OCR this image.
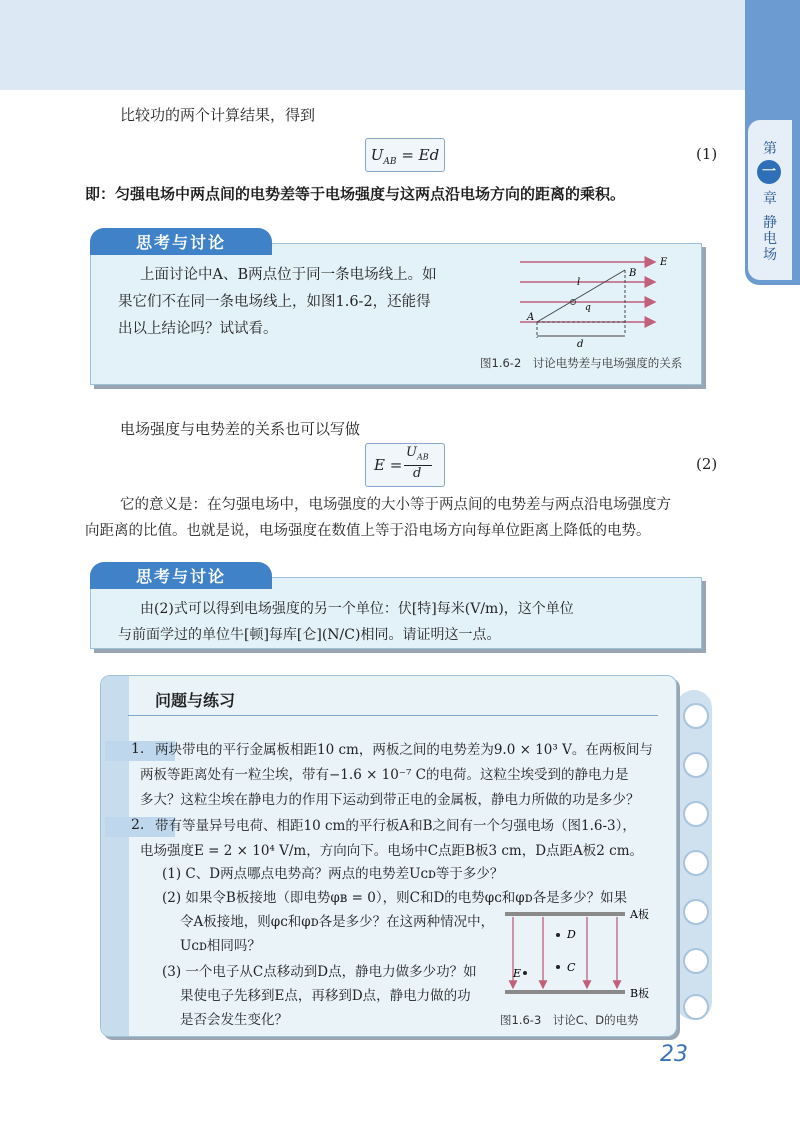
第
一
章
静电场
比较功的两个计算结果，得到
$U_{AB} = Ed$	(1)
即：匀强电场中两点间的电势差等于电场强度与这两点沿电场方向的距离的乘积。
思考与讨论
上面讨论中A、B两点位于同一条电场线上。如
果它们不在同一条电场线上，如图1.6-2，还能得
出以上结论吗？试试看。
E
A
B
l
d
q
图1.6-2　讨论电势差与电场强度的关系
电场强度与电势差的关系也可以写做
E =
$U_{AB}$
d
(2)
它的意义是：在匀强电场中，电场强度的大小等于两点间的电势差与两点沿电场强度方
向距离的比值。也就是说，电场强度在数值上等于沿电场方向每单位距离上降低的电势。
思考与讨论
由(2)式可以得到电场强度的另一个单位：伏[特]每米(V/m)，这个单位
与前面学过的单位牛[顿]每库[仑](N/C)相同。请证明这一点。
问题与练习
1. 两块带电的平行金属板相距10 cm，两板之间的电势差为9.0 × 10³ V。在两板间与
两板等距离处有一粒尘埃，带有−1.6 × 10⁻⁷ C的电荷。这粒尘埃受到的静电力是
多大？这粒尘埃在静电力的作用下运动到带正电的金属板，静电力所做的功是多少？
2. 带有等量异号电荷、相距10 cm的平行板A和B之间有一个匀强电场（图1.6-3），
电场强度E = 2 × 10⁴ V/m，方向向下。电场中C点距B板3 cm，D点距A板2 cm。
(1) C、D两点哪点电势高？两点的电势差Uᴄᴅ等于多少？
(2) 如果令B板接地（即电势φʙ = 0），则C和D的电势φᴄ和φᴅ各是多少？如果
令A板接地，则φᴄ和φᴅ各是多少？在这两种情况中，
Uᴄᴅ相同吗？
(3) 一个电子从C点移动到D点，静电力做多少功？如
果使电子先移到E点，再移到D点，静电力做的功
是否会发生变化？
D
C
E
A板
B板
图1.6-3　讨论C、D的电势
23
